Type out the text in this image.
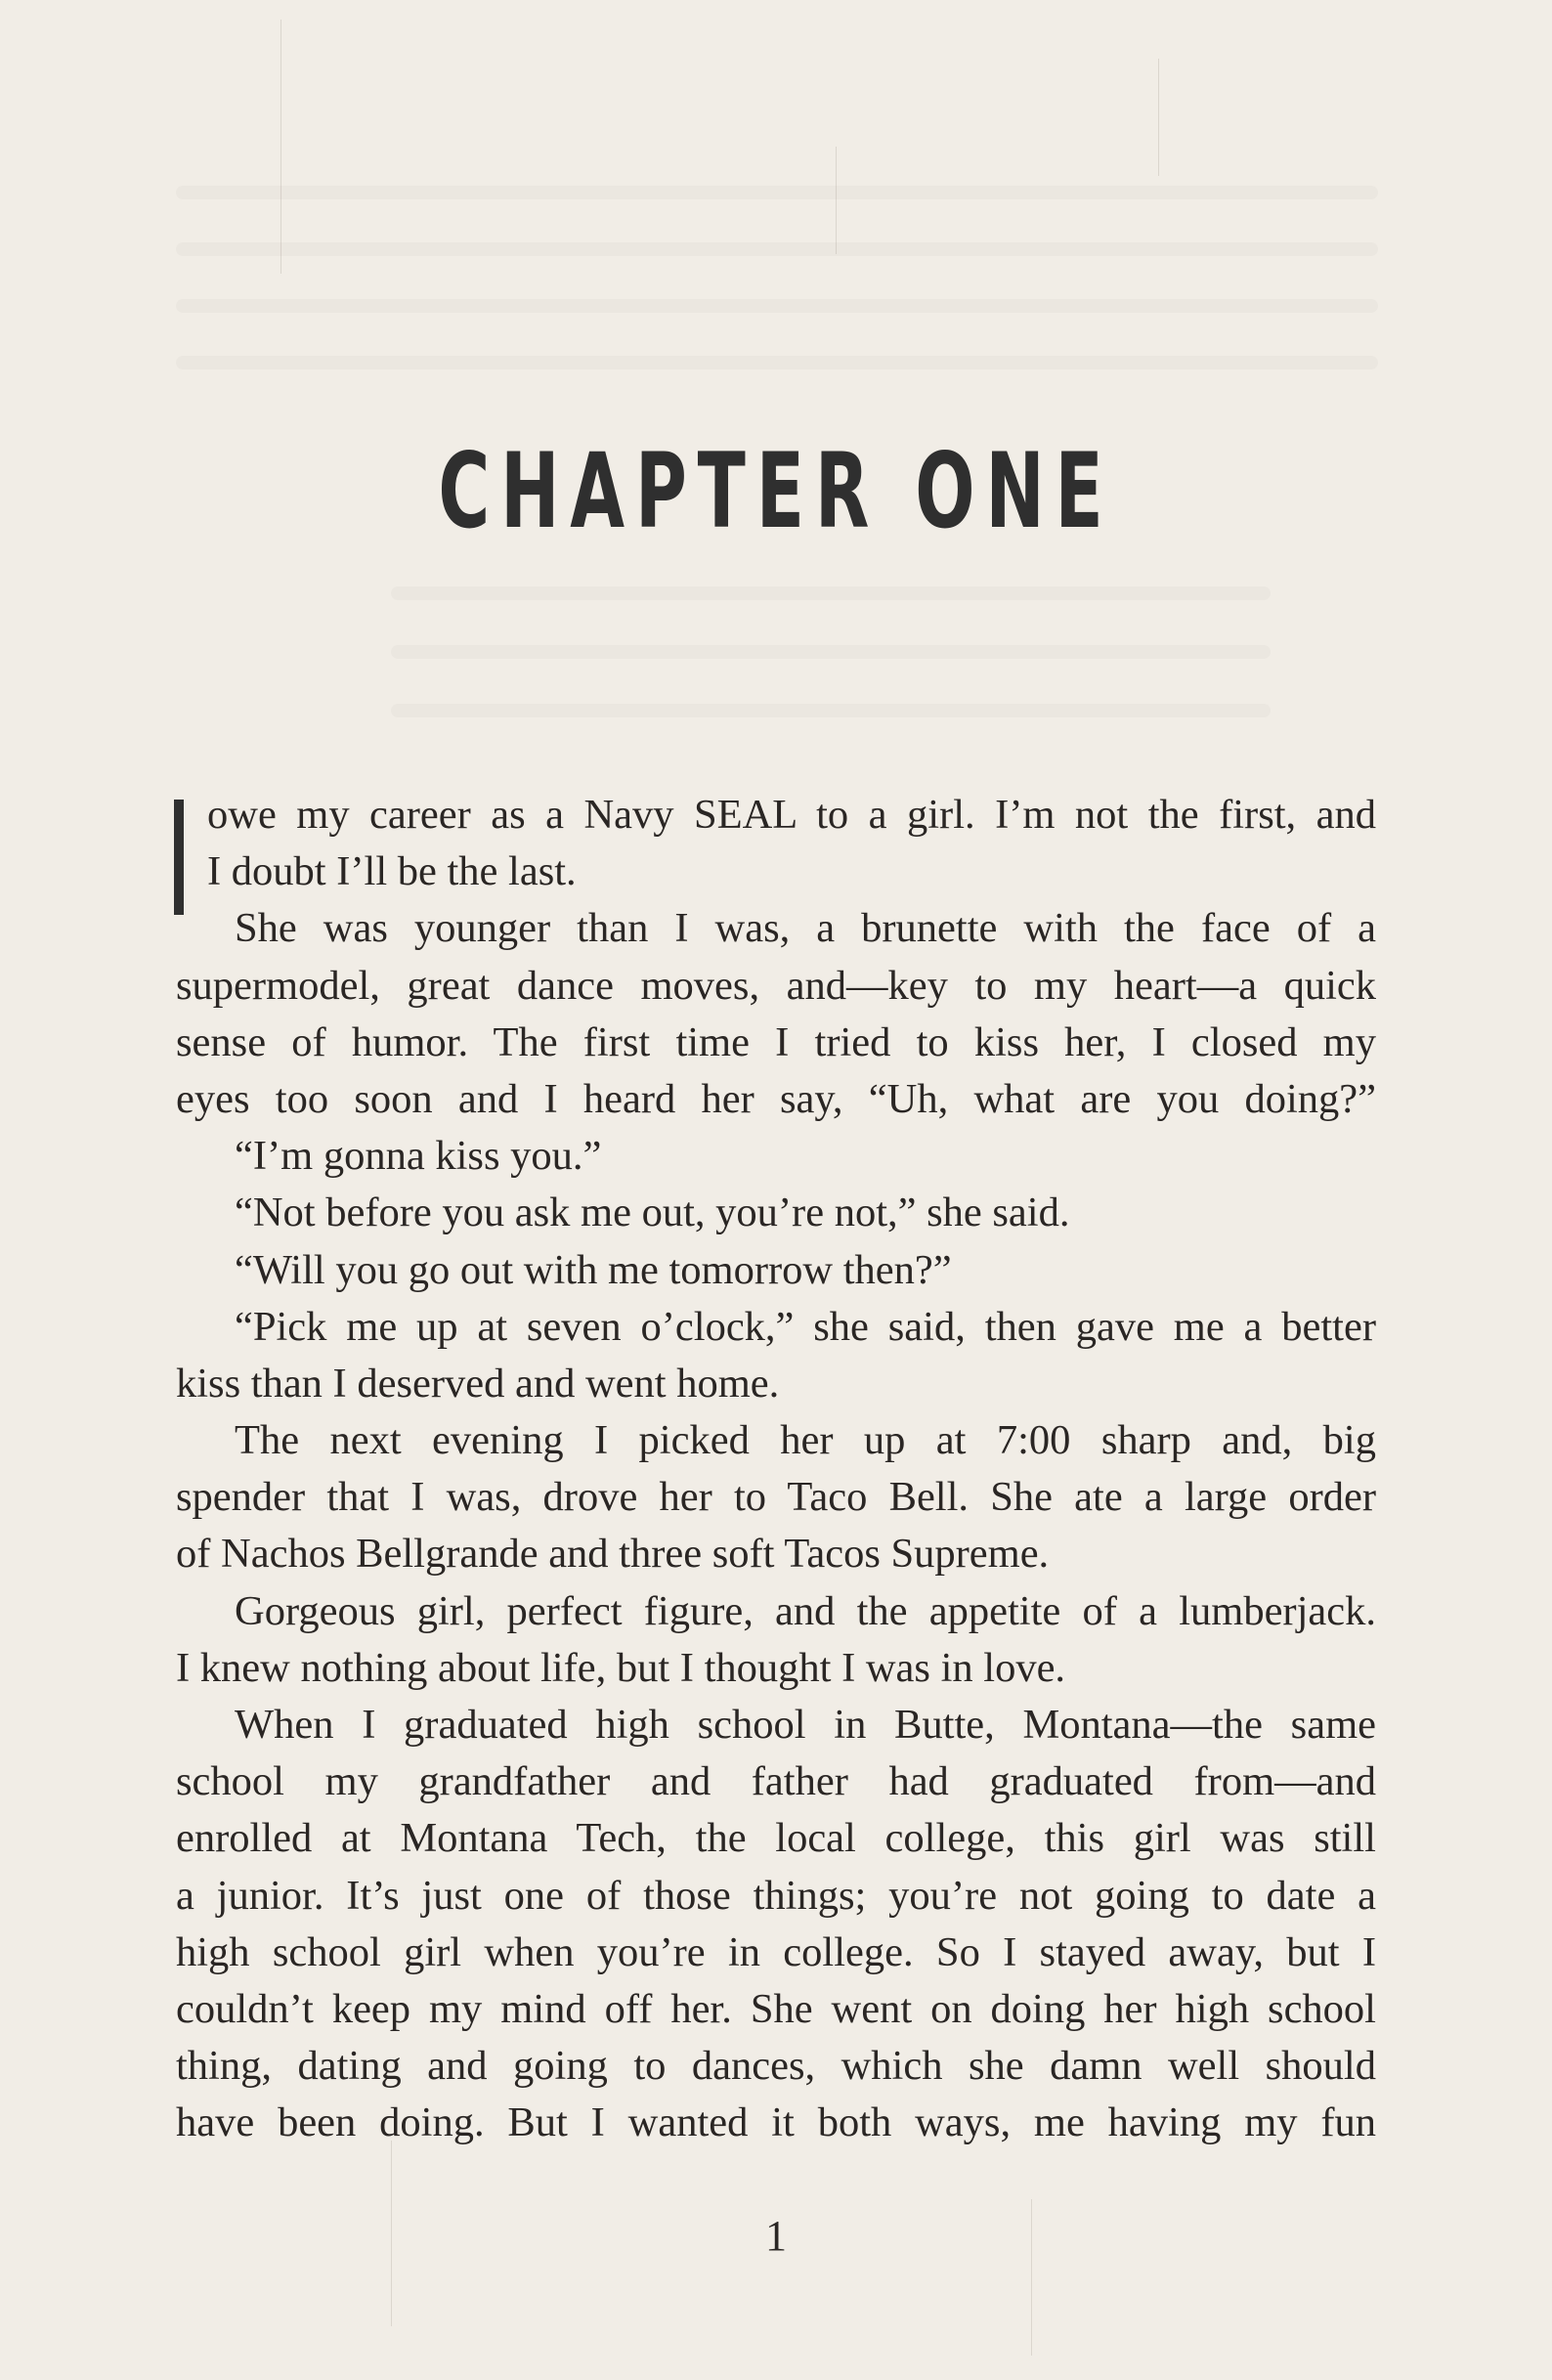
CHAPTER ONE
owe my career as a Navy SEAL to a girl. I’m not the first, and
I doubt I’ll be the last.
She was younger than I was, a brunette with the face of a
supermodel, great dance moves, and—key to my heart—a quick
sense of humor. The first time I tried to kiss her, I closed my
eyes too soon and I heard her say, “Uh, what are you doing?”
“I’m gonna kiss you.”
“Not before you ask me out, you’re not,” she said.
“Will you go out with me tomorrow then?”
“Pick me up at seven o’clock,” she said, then gave me a better
kiss than I deserved and went home.
The next evening I picked her up at 7:00 sharp and, big
spender that I was, drove her to Taco Bell. She ate a large order
of Nachos Bellgrande and three soft Tacos Supreme.
Gorgeous girl, perfect figure, and the appetite of a lumberjack.
I knew nothing about life, but I thought I was in love.
When I graduated high school in Butte, Montana—the same
school my grandfather and father had graduated from—and
enrolled at Montana Tech, the local college, this girl was still
a junior. It’s just one of those things; you’re not going to date a
high school girl when you’re in college. So I stayed away, but I
couldn’t keep my mind off her. She went on doing her high school
thing, dating and going to dances, which she damn well should
have been doing. But I wanted it both ways, me having my fun
1
